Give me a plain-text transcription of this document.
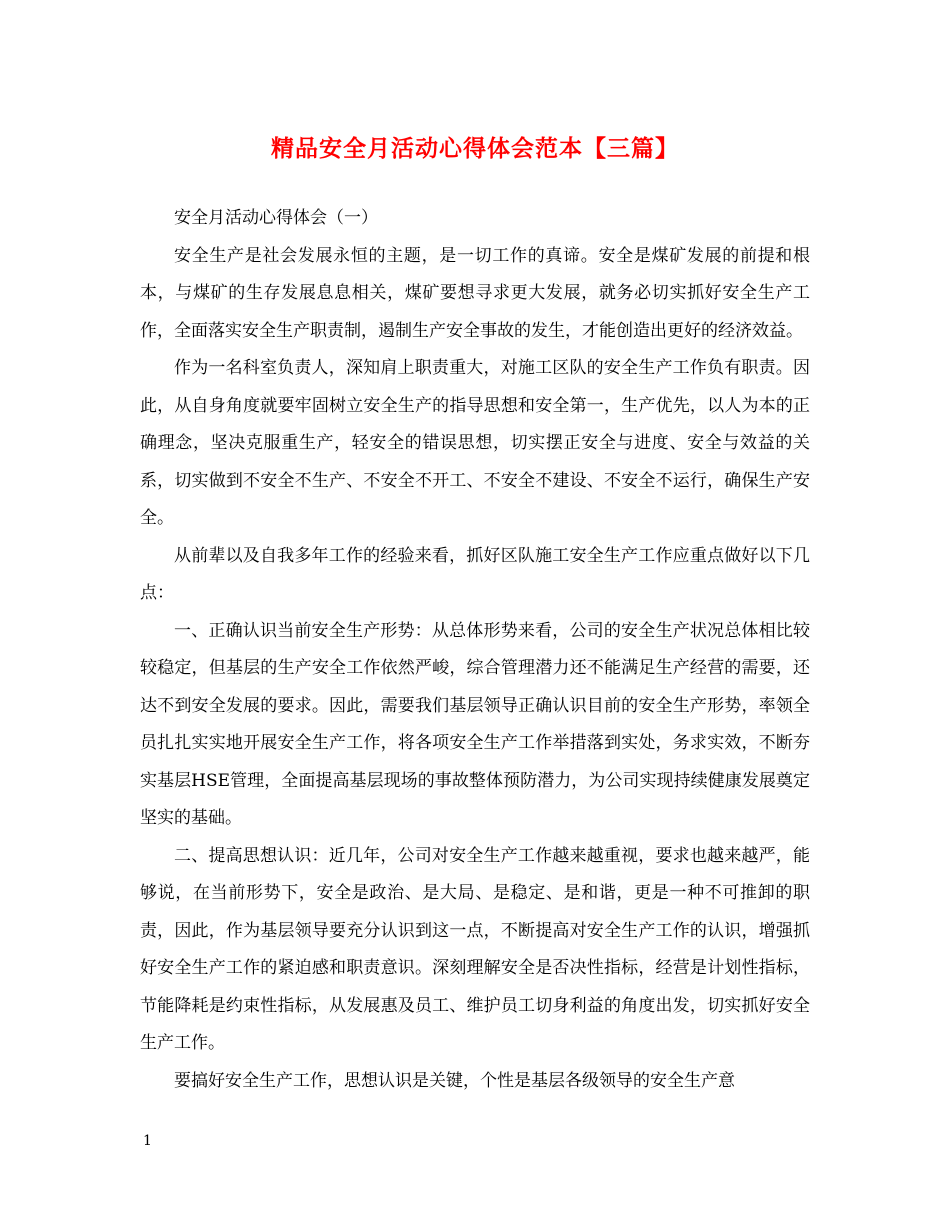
精品安全月活动心得体会范本【三篇】

安全月活动心得体会（一）

安全生产是社会发展永恒的主题，是一切工作的真谛。安全是煤矿发展的前提和根本，与煤矿的生存发展息息相关，煤矿要想寻求更大发展，就务必切实抓好安全生产工作，全面落实安全生产职责制，遏制生产安全事故的发生，才能创造出更好的经济效益。

作为一名科室负责人，深知肩上职责重大，对施工区队的安全生产工作负有职责。因此，从自身角度就要牢固树立安全生产的指导思想和安全第一，生产优先，以人为本的正确理念，坚决克服重生产，轻安全的错误思想，切实摆正安全与进度、安全与效益的关系，切实做到不安全不生产、不安全不开工、不安全不建设、不安全不运行，确保生产安全。

从前辈以及自我多年工作的经验来看，抓好区队施工安全生产工作应重点做好以下几点：

一、正确认识当前安全生产形势：从总体形势来看，公司的安全生产状况总体相比较较稳定，但基层的生产安全工作依然严峻，综合管理潜力还不能满足生产经营的需要，还达不到安全发展的要求。因此，需要我们基层领导正确认识目前的安全生产形势，率领全员扎扎实实地开展安全生产工作，将各项安全生产工作举措落到实处，务求实效，不断夯实基层HSE管理，全面提高基层现场的事故整体预防潜力，为公司实现持续健康发展奠定坚实的基础。

二、提高思想认识：近几年，公司对安全生产工作越来越重视，要求也越来越严，能够说，在当前形势下，安全是政治、是大局、是稳定、是和谐，更是一种不可推卸的职责，因此，作为基层领导要充分认识到这一点，不断提高对安全生产工作的认识，增强抓好安全生产工作的紧迫感和职责意识。深刻理解安全是否决性指标，经营是计划性指标，节能降耗是约束性指标，从发展惠及员工、维护员工切身利益的角度出发，切实抓好安全生产工作。

要搞好安全生产工作，思想认识是关键，个性是基层各级领导的安全生产意

1
